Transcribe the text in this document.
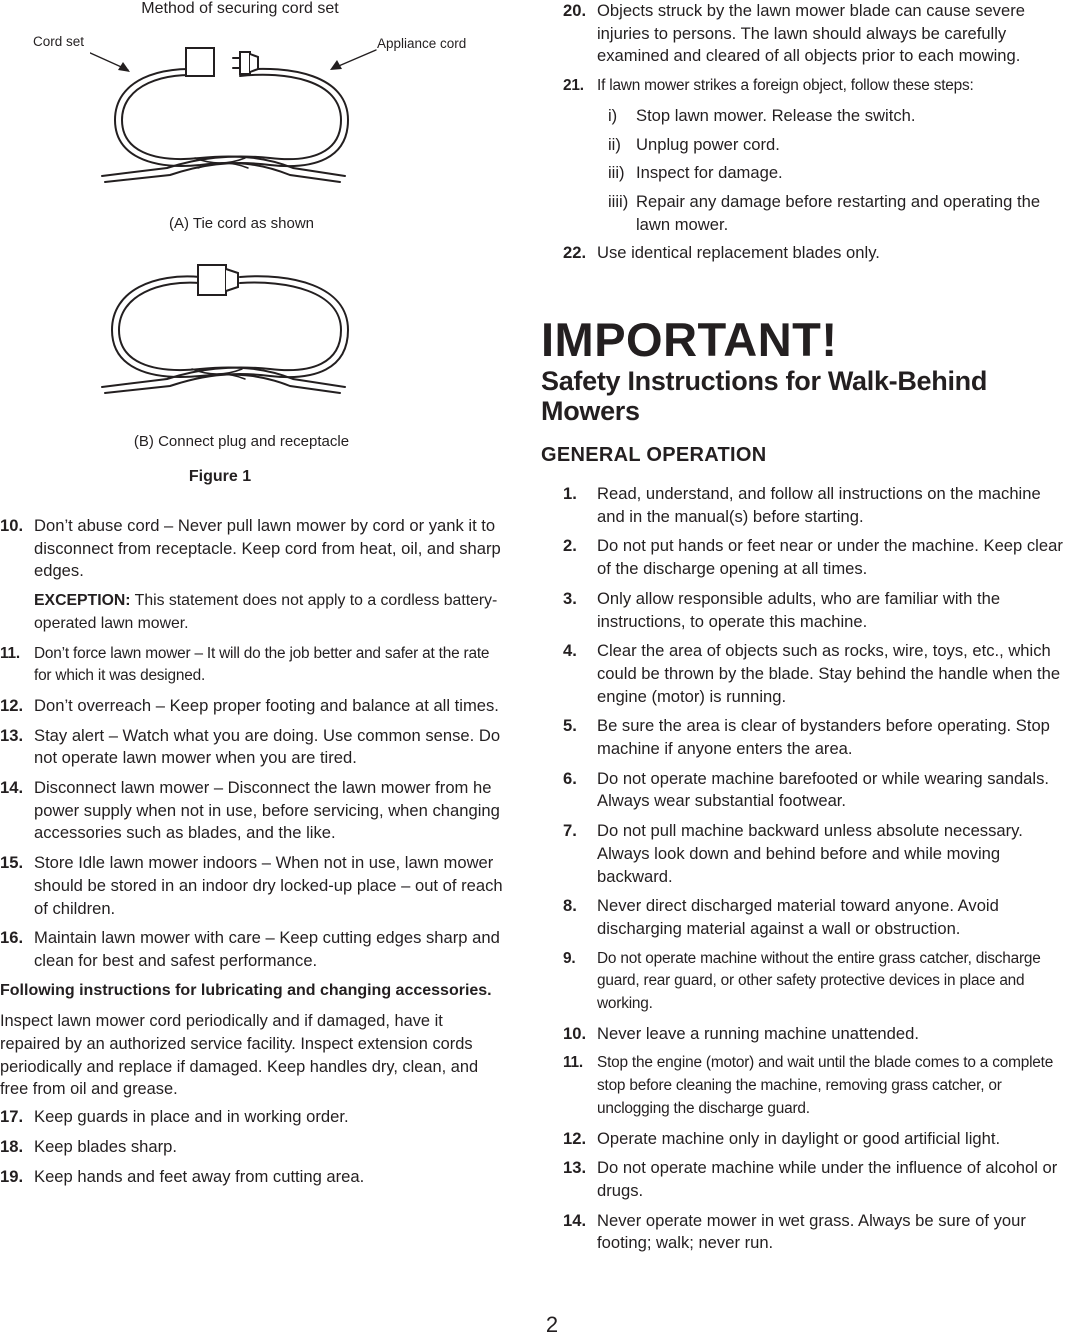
Method of securing cord set
Cord set	Appliance cord
(A) Tie cord as shown
(B) Connect plug and receptacle
Figure 1
10. Don’t abuse cord – Never pull lawn mower by cord or yank it to disconnect from receptacle. Keep cord from heat, oil, and sharp edges.
EXCEPTION: This statement does not apply to a cordless battery-operated lawn mower.
11. Don’t force lawn mower – It will do the job better and safer at the rate for which it was designed.
12. Don’t overreach – Keep proper footing and balance at all times.
13. Stay alert – Watch what you are doing. Use common sense. Do not operate lawn mower when you are tired.
14. Disconnect lawn mower – Disconnect the lawn mower from he power supply when not in use, before servicing, when changing accessories such as blades, and the like.
15. Store Idle lawn mower indoors – When not in use, lawn mower should be stored in an indoor dry locked-up place – out of reach of children.
16. Maintain lawn mower with care – Keep cutting edges sharp and clean for best and safest performance.
Following instructions for lubricating and changing accessories.
Inspect lawn mower cord periodically and if damaged, have it repaired by an authorized service facility. Inspect extension cords periodically and replace if damaged. Keep handles dry, clean, and free from oil and grease.
17. Keep guards in place and in working order.
18. Keep blades sharp.
19. Keep hands and feet away from cutting area.
20. Objects struck by the lawn mower blade can cause severe injuries to persons. The lawn should always be carefully examined and cleared of all objects prior to each mowing.
21. If lawn mower strikes a foreign object, follow these steps:
i) Stop lawn mower. Release the switch.
ii) Unplug power cord.
iii) Inspect for damage.
iiii) Repair any damage before restarting and operating the lawn mower.
22. Use identical replacement blades only.
IMPORTANT!
Safety Instructions for Walk-Behind Mowers
GENERAL OPERATION
1. Read, understand, and follow all instructions on the machine and in the manual(s) before starting.
2. Do not put hands or feet near or under the machine. Keep clear of the discharge opening at all times.
3. Only allow responsible adults, who are familiar with the instructions, to operate this machine.
4. Clear the area of objects such as rocks, wire, toys, etc., which could be thrown by the blade. Stay behind the handle when the engine (motor) is running.
5. Be sure the area is clear of bystanders before operating. Stop machine if anyone enters the area.
6. Do not operate machine barefooted or while wearing sandals. Always wear substantial footwear.
7. Do not pull machine backward unless absolute necessary. Always look down and behind before and while moving backward.
8. Never direct discharged material toward anyone. Avoid discharging material against a wall or obstruction.
9. Do not operate machine without the entire grass catcher, discharge guard, rear guard, or other safety protective devices in place and working.
10. Never leave a running machine unattended.
11. Stop the engine (motor) and wait until the blade comes to a complete stop before cleaning the machine, removing grass catcher, or unclogging the discharge guard.
12. Operate machine only in daylight or good artificial light.
13. Do not operate machine while under the influence of alcohol or drugs.
14. Never operate mower in wet grass. Always be sure of your footing; walk; never run.
2
